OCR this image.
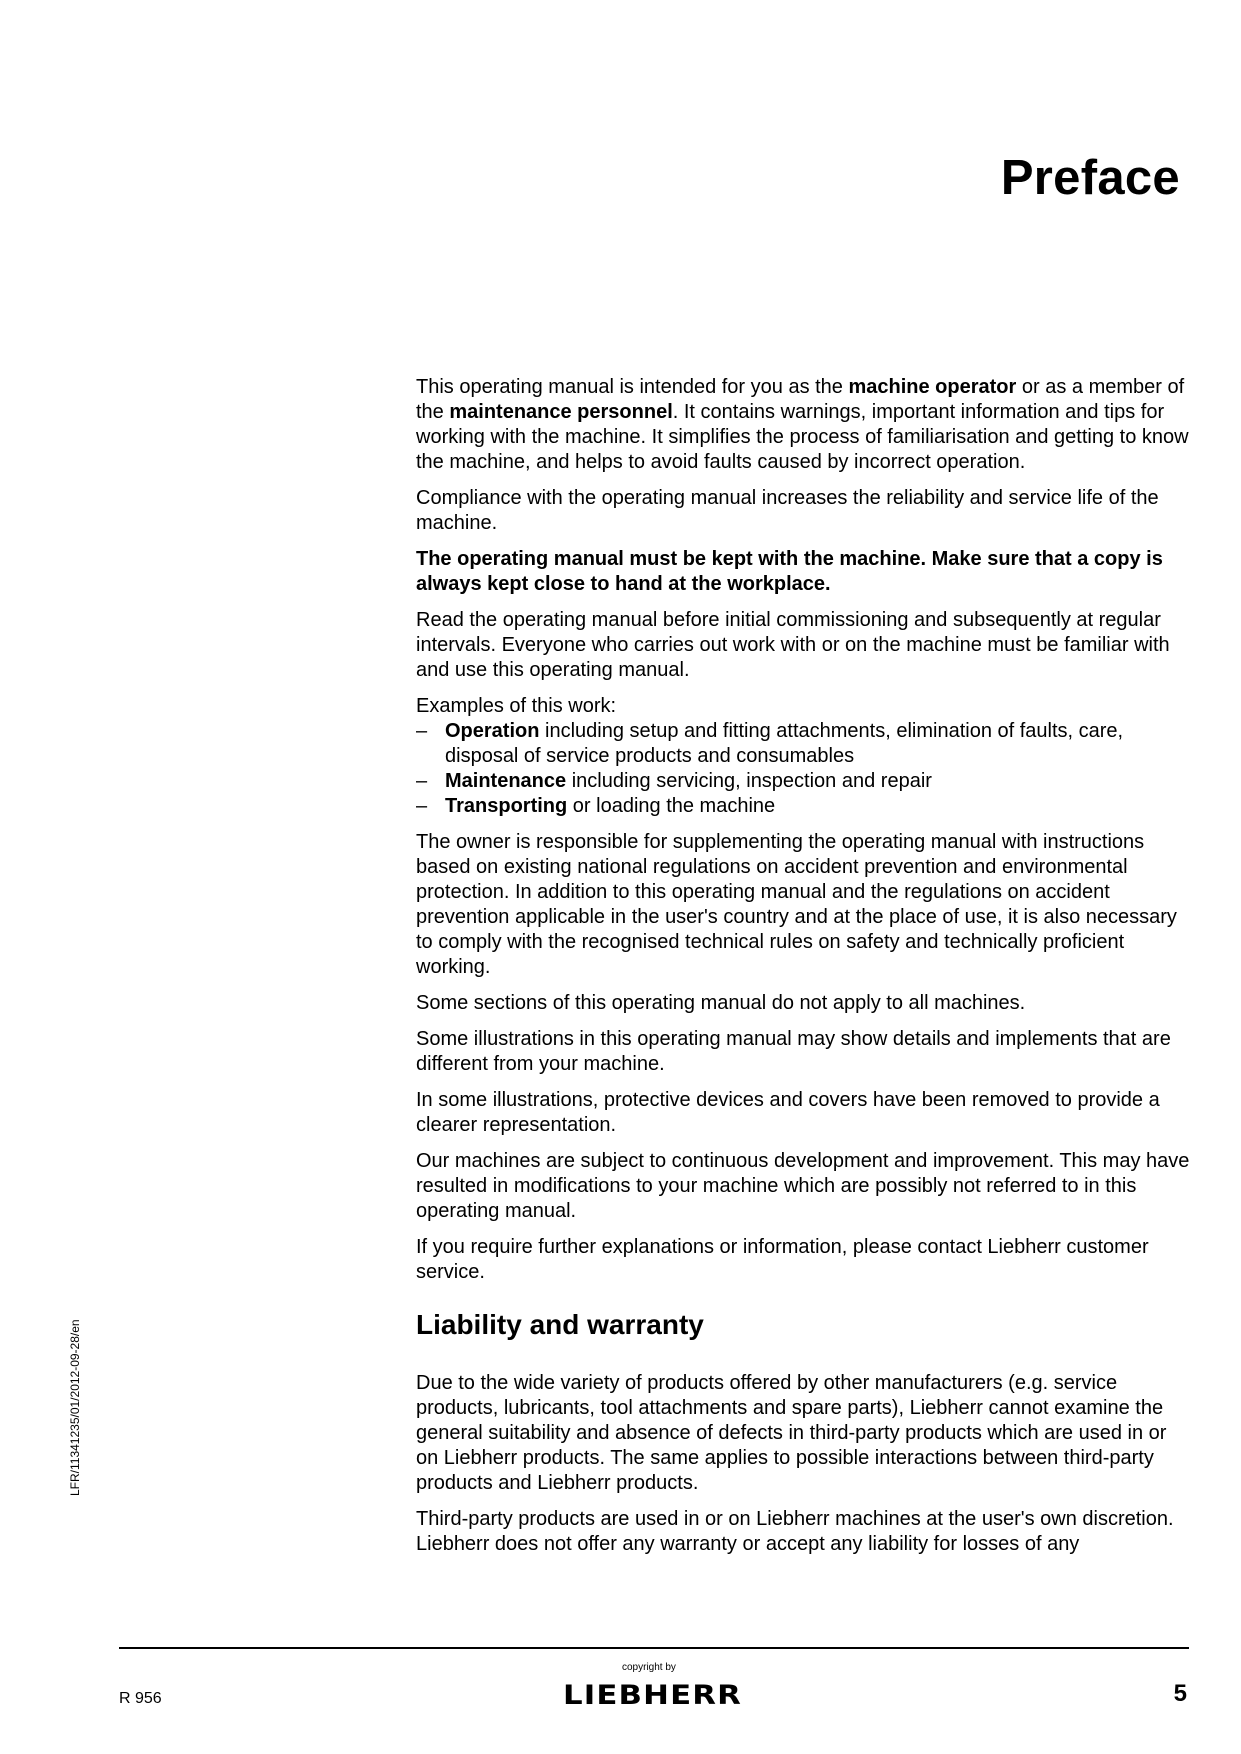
Preface

This operating manual is intended for you as the machine operator or as a member of the maintenance personnel. It contains warnings, important information and tips for working with the machine. It simplifies the process of familiarisation and getting to know the machine, and helps to avoid faults caused by incorrect operation.

Compliance with the operating manual increases the reliability and service life of the machine.

The operating manual must be kept with the machine. Make sure that a copy is always kept close to hand at the workplace.

Read the operating manual before initial commissioning and subsequently at regular intervals. Everyone who carries out work with or on the machine must be familiar with and use this operating manual.

Examples of this work:

– Operation including setup and fitting attachments, elimination of faults, care, disposal of service products and consumables
– Maintenance including servicing, inspection and repair
– Transporting or loading the machine

The owner is responsible for supplementing the operating manual with instructions based on existing national regulations on accident prevention and environmental protection. In addition to this operating manual and the regulations on accident prevention applicable in the user's country and at the place of use, it is also necessary to comply with the recognised technical rules on safety and technically proficient working.

Some sections of this operating manual do not apply to all machines.

Some illustrations in this operating manual may show details and implements that are different from your machine.

In some illustrations, protective devices and covers have been removed to provide a clearer representation.

Our machines are subject to continuous development and improvement. This may have resulted in modifications to your machine which are possibly not referred to in this operating manual.

If you require further explanations or information, please contact Liebherr customer service.

Liability and warranty

Due to the wide variety of products offered by other manufacturers (e.g. service products, lubricants, tool attachments and spare parts), Liebherr cannot examine the general suitability and absence of defects in third-party products which are used in or on Liebherr products. The same applies to possible interactions between third-party products and Liebherr products.

Third-party products are used in or on Liebherr machines at the user's own discretion. Liebherr does not offer any warranty or accept any liability for losses of any

LFR/11341235/01/2012-09-28/en
R 956
copyright by
LIEBHERR	5
